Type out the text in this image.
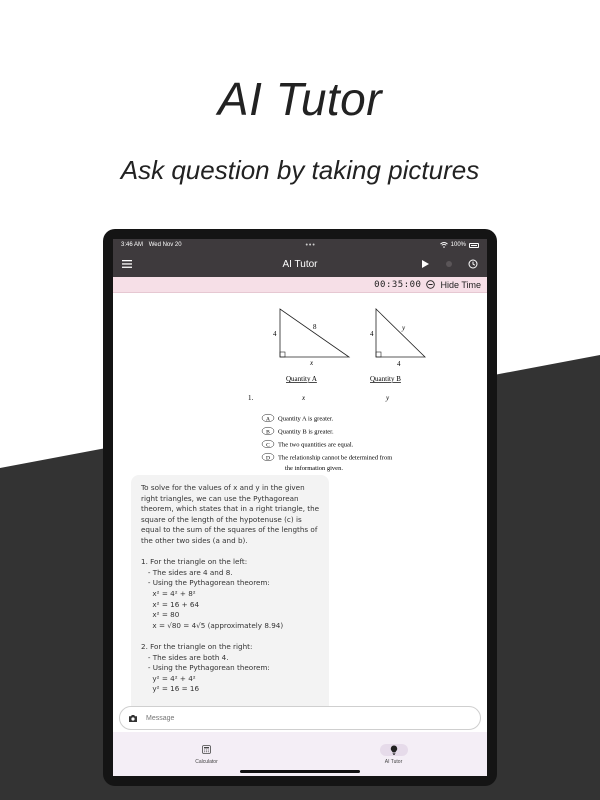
AI Tutor
Ask question by taking pictures
3:46 AM Wed Nov 20	•••	100%
AI Tutor
00:35:00 Hide Time
4
8
x
4
y
4
Quantity A	Quantity B
1.	x	y
A Quantity A is greater.
B Quantity B is greater.
C The two quantities are equal.
D The relationship cannot be determined from
the information given.
To solve for the values of x and y in the given
right triangles, we can use the Pythagorean
theorem, which states that in a right triangle, the
square of the length of the hypotenuse (c) is
equal to the sum of the squares of the lengths of
the other two sides (a and b).
1. For the triangle on the left:
- The sides are 4 and 8.
- Using the Pythagorean theorem:
x² = 4² + 8²
x² = 16 + 64
x² = 80
x = √80 = 4√5 (approximately 8.94)
2. For the triangle on the right:
- The sides are both 4.
- Using the Pythagorean theorem:
y² = 4² + 4²
y² = 16 = 16
Message
Calculator	AI Tutor
